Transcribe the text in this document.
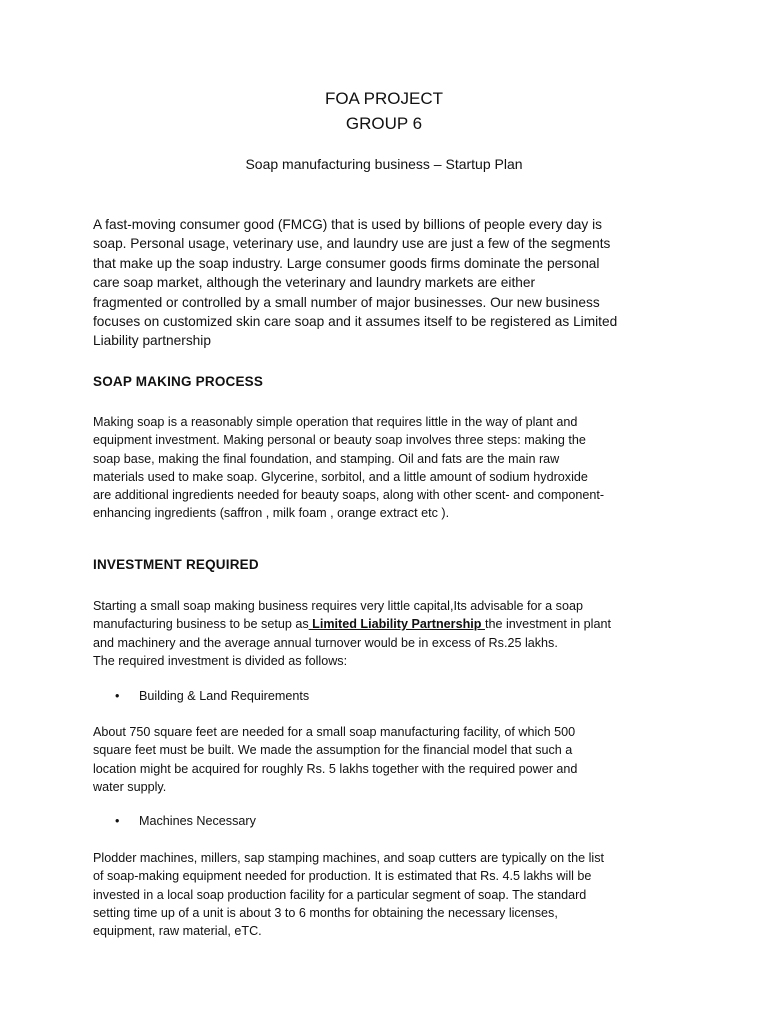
FOA PROJECT
GROUP 6
Soap manufacturing business – Startup Plan
A fast-moving consumer good (FMCG) that is used by billions of people every day is
soap. Personal usage, veterinary use, and laundry use are just a few of the segments
that make up the soap industry. Large consumer goods firms dominate the personal
care soap market, although the veterinary and laundry markets are either
fragmented or controlled by a small number of major businesses. Our new business
focuses on customized skin care soap and it assumes itself to be registered as Limited
Liability partnership
SOAP MAKING PROCESS
Making soap is a reasonably simple operation that requires little in the way of plant and
equipment investment. Making personal or beauty soap involves three steps: making the
soap base, making the final foundation, and stamping. Oil and fats are the main raw
materials used to make soap. Glycerine, sorbitol, and a little amount of sodium hydroxide
are additional ingredients needed for beauty soaps, along with other scent- and component-
enhancing ingredients (saffron , milk foam , orange extract etc ).
INVESTMENT REQUIRED
Starting a small soap making business requires very little capital,Its advisable for a soap
manufacturing business to be setup as Limited Liability Partnership the investment in plant
and machinery and the average annual turnover would be in excess of Rs.25 lakhs.
The required investment is divided as follows:
• Building & Land Requirements
About 750 square feet are needed for a small soap manufacturing facility, of which 500
square feet must be built. We made the assumption for the financial model that such a
location might be acquired for roughly Rs. 5 lakhs together with the required power and
water supply.
• Machines Necessary
Plodder machines, millers, sap stamping machines, and soap cutters are typically on the list
of soap-making equipment needed for production. It is estimated that Rs. 4.5 lakhs will be
invested in a local soap production facility for a particular segment of soap. The standard
setting time up of a unit is about 3 to 6 months for obtaining the necessary licenses,
equipment, raw material, eTC.
